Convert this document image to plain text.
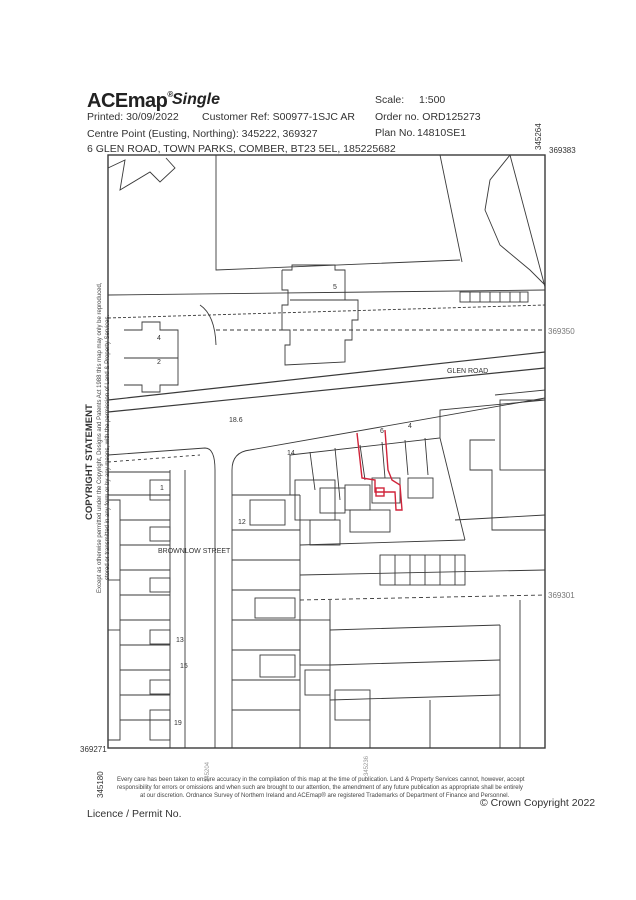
ACEmap® Single
Printed: 30/09/2022 Customer Ref: S00977-1SJC AR
Centre Point (Eusting, Northing): 345222, 369327
6 GLEN ROAD, TOWN PARKS, COMBER, BT23 5EL, 185225682
Scale: 1:500
Order no. ORD125273
Plan No. 14810SE1
369383
345264
369350
369301
369271
345180	345204	345236
COPYRIGHT STATEMENT Except as otherwise permitted under the Copyright, Designs and Patents Act 1988 this map may only be reproduced, stored or transmitted in any form or by any means, with the permission of Land & Property Services.	GLEN ROAD
BROWNLOW STREET
18.6
5
4
2
14
6
4
1
13
15
19
12
Every care has been taken to ensure accuracy in the compilation of this map at the time of publication. Land & Property Services cannot, however, accept
responsibility for errors or omissions and when such are brought to our attention, the amendment of any future publication as appropriate shall be entirely
at our discretion. Ordnance Survey of Northern Ireland and ACEmap® are registered Trademarks of Department of Finance and Personnel.
Licence / Permit No.
© Crown Copyright 2022
